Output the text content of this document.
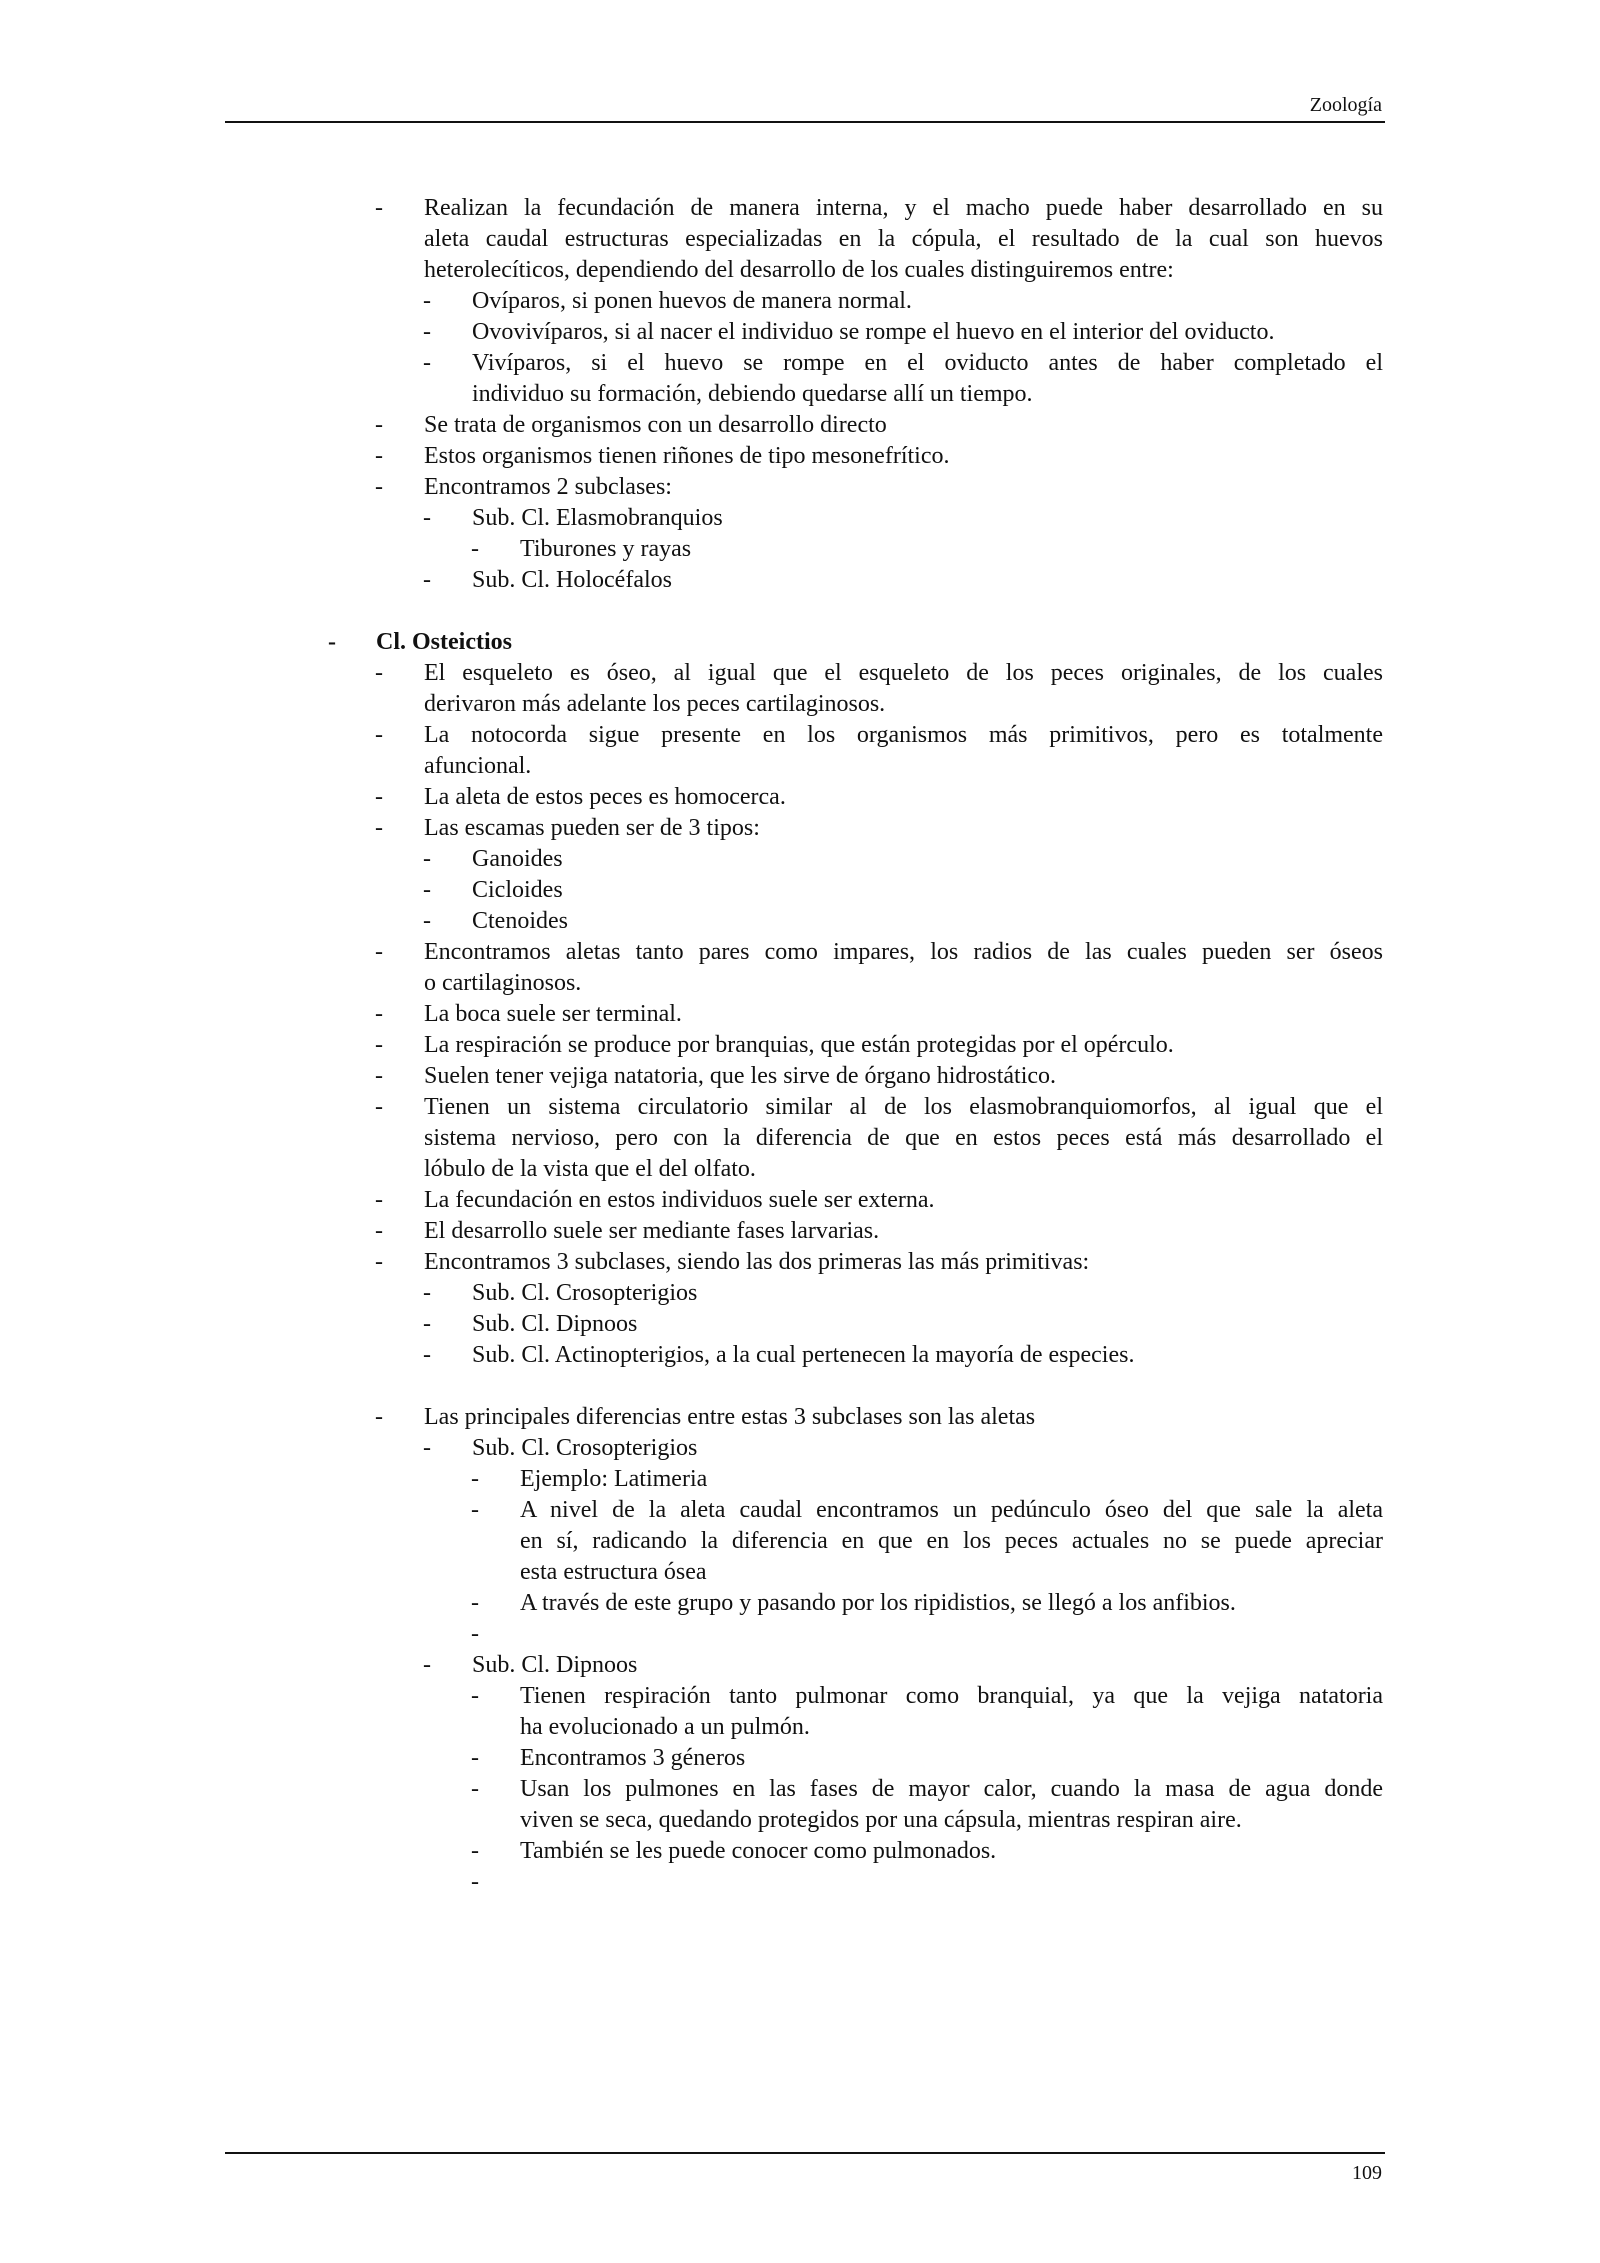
Zoología
- Realizan la fecundación de manera interna, y el macho puede haber desarrollado en su
aleta caudal estructuras especializadas en la cópula, el resultado de la cual son huevos
heterolecíticos, dependiendo del desarrollo de los cuales distinguiremos entre:
- Ovíparos, si ponen huevos de manera normal.
- Ovovivíparos, si al nacer el individuo se rompe el huevo en el interior del oviducto.
- Vivíparos, si el huevo se rompe en el oviducto antes de haber completado el
individuo su formación, debiendo quedarse allí un tiempo.
- Se trata de organismos con un desarrollo directo
- Estos organismos tienen riñones de tipo mesonefrítico.
- Encontramos 2 subclases:
- Sub. Cl. Elasmobranquios
- Tiburones y rayas
- Sub. Cl. Holocéfalos
- Cl. Osteictios
- El esqueleto es óseo, al igual que el esqueleto de los peces originales, de los cuales
derivaron más adelante los peces cartilaginosos.
- La notocorda sigue presente en los organismos más primitivos, pero es totalmente
afuncional.
- La aleta de estos peces es homocerca.
- Las escamas pueden ser de 3 tipos:
- Ganoides
- Cicloides
- Ctenoides
- Encontramos aletas tanto pares como impares, los radios de las cuales pueden ser óseos
o cartilaginosos.
- La boca suele ser terminal.
- La respiración se produce por branquias, que están protegidas por el opérculo.
- Suelen tener vejiga natatoria, que les sirve de órgano hidrostático.
- Tienen un sistema circulatorio similar al de los elasmobranquiomorfos, al igual que el
sistema nervioso, pero con la diferencia de que en estos peces está más desarrollado el
lóbulo de la vista que el del olfato.
- La fecundación en estos individuos suele ser externa.
- El desarrollo suele ser mediante fases larvarias.
- Encontramos 3 subclases, siendo las dos primeras las más primitivas:
- Sub. Cl. Crosopterigios
- Sub. Cl. Dipnoos
- Sub. Cl. Actinopterigios, a la cual pertenecen la mayoría de especies.
- Las principales diferencias entre estas 3 subclases son las aletas
- Sub. Cl. Crosopterigios
- Ejemplo: Latimeria
- A nivel de la aleta caudal encontramos un pedúnculo óseo del que sale la aleta
en sí, radicando la diferencia en que en los peces actuales no se puede apreciar
esta estructura ósea
- A través de este grupo y pasando por los ripidistios, se llegó a los anfibios.
-
- Sub. Cl. Dipnoos
- Tienen respiración tanto pulmonar como branquial, ya que la vejiga natatoria
ha evolucionado a un pulmón.
- Encontramos 3 géneros
- Usan los pulmones en las fases de mayor calor, cuando la masa de agua donde
viven se seca, quedando protegidos por una cápsula, mientras respiran aire.
- También se les puede conocer como pulmonados.
-
109
